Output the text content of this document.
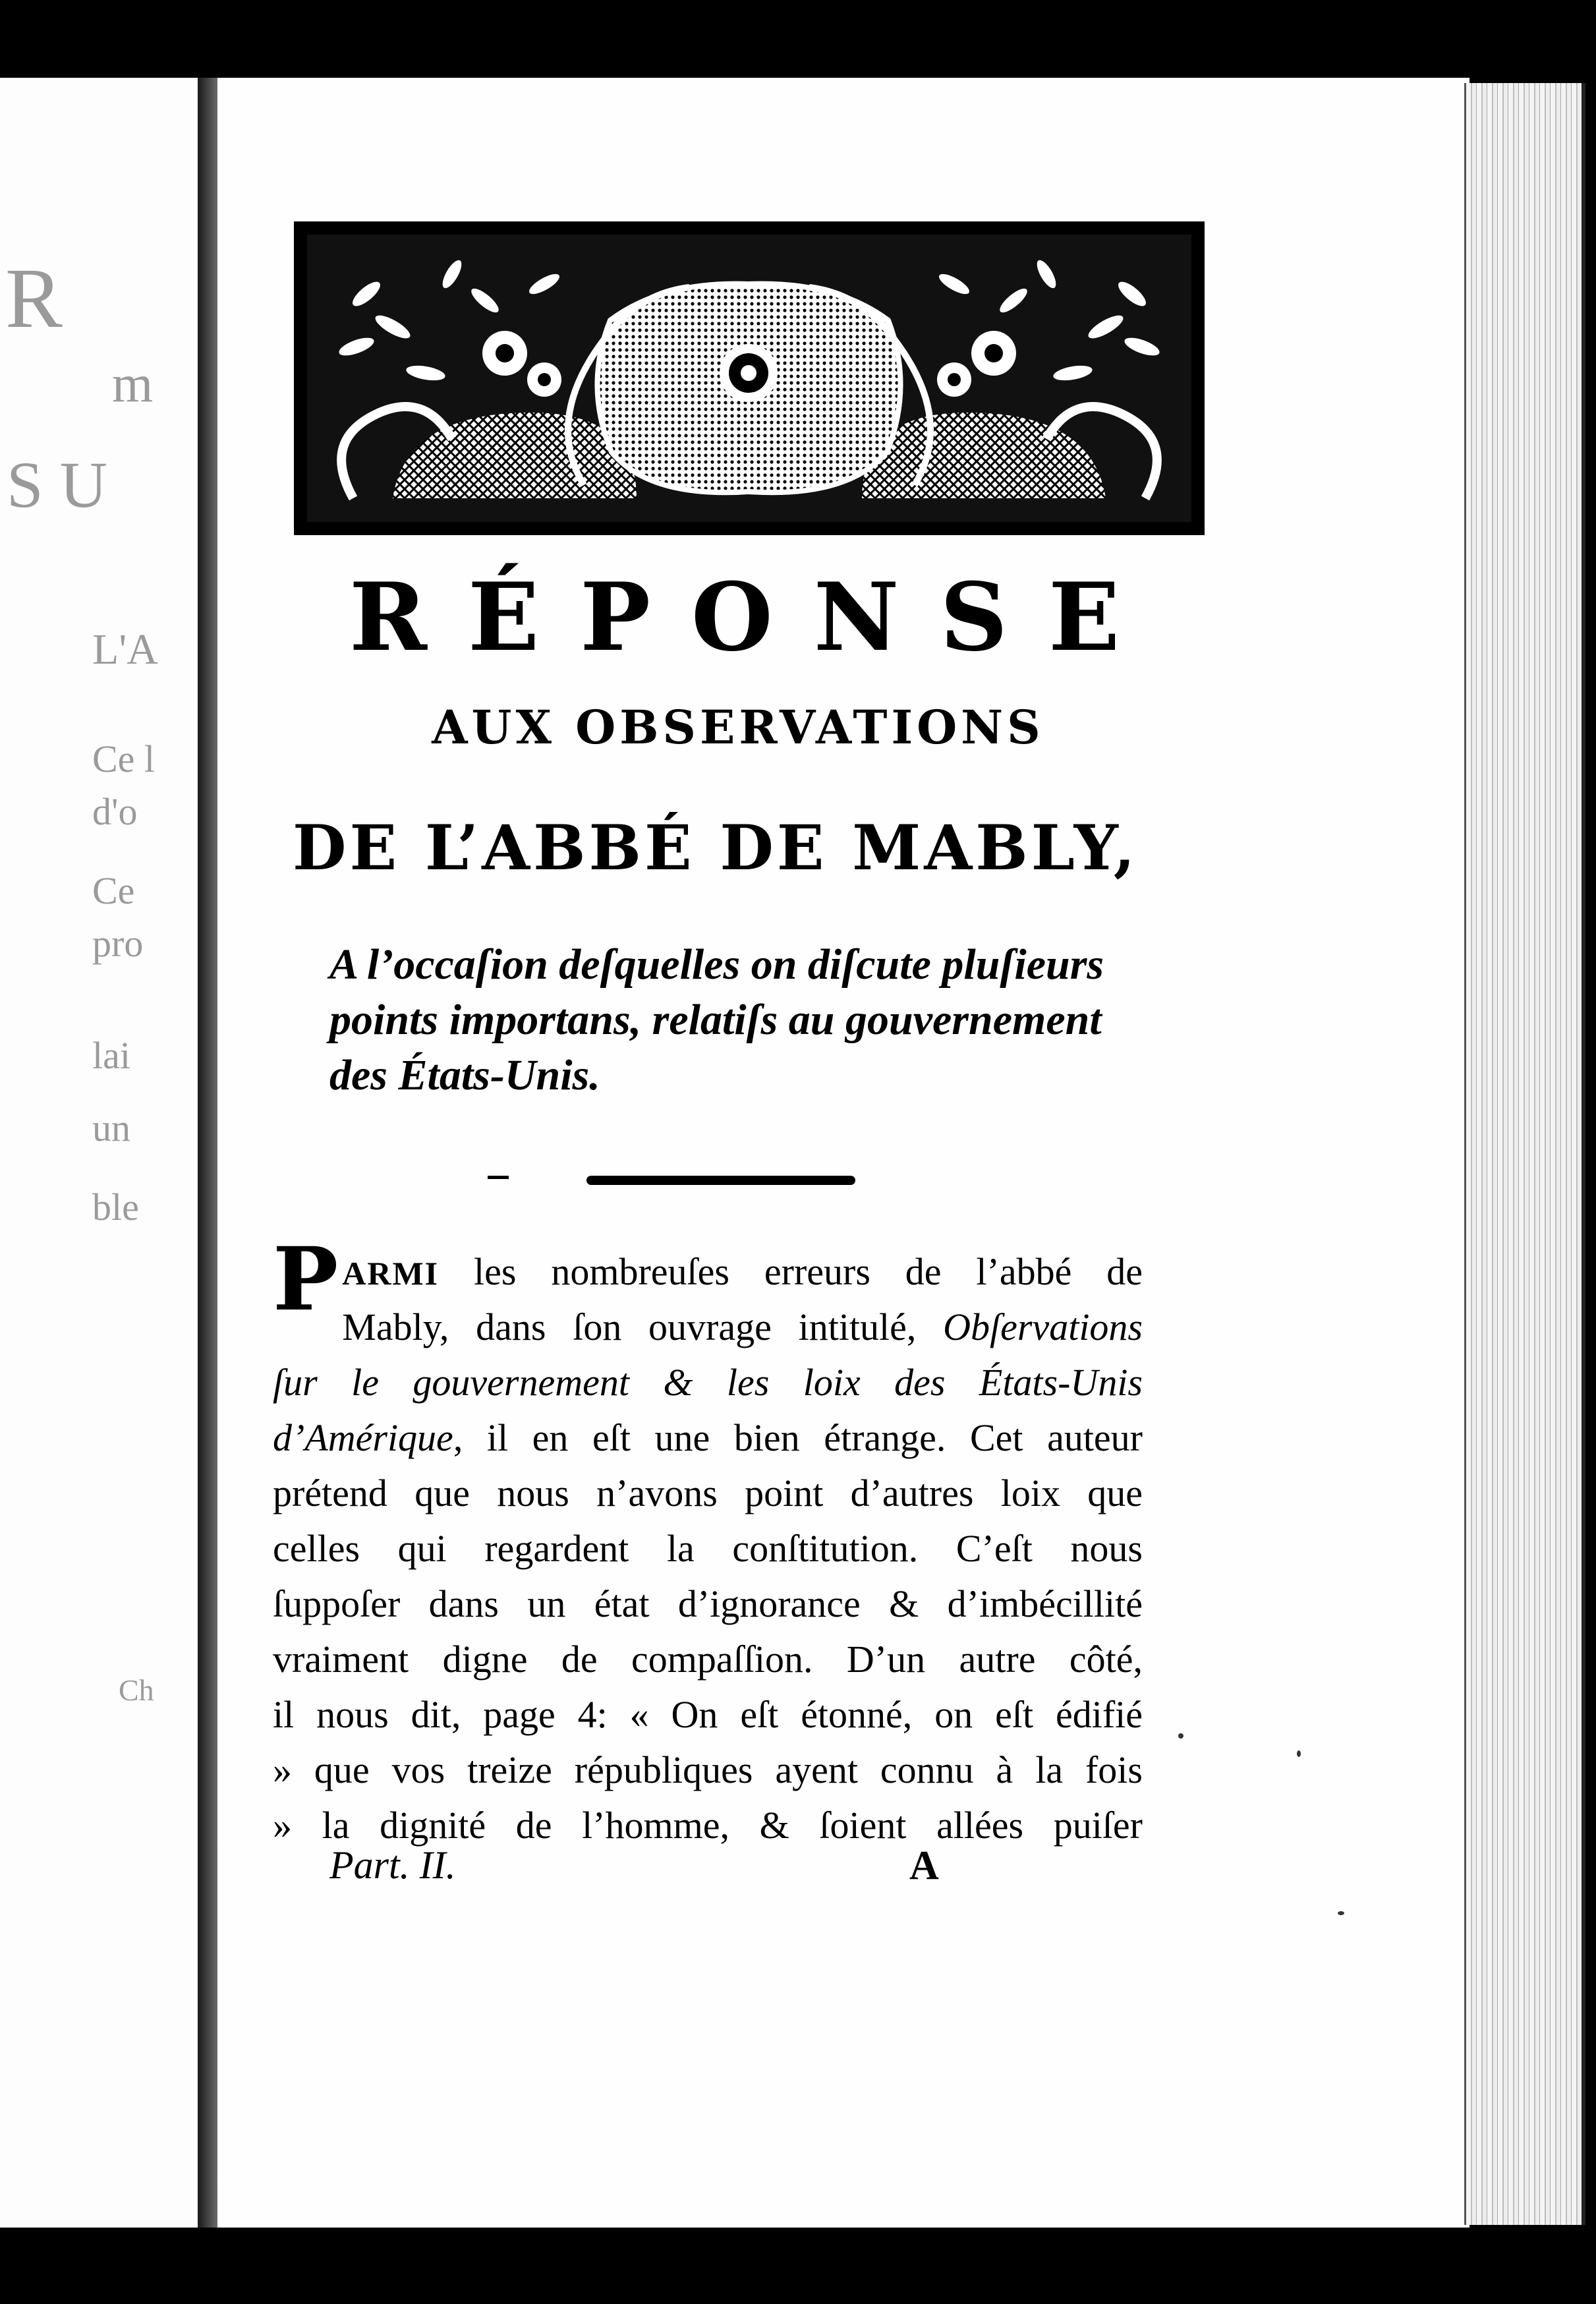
R
m
S U
L'A
Ce l
d'o
Ce
pro
lai
un
ble
Ch
RÉPONSE
AUX OBSERVATIONS
DE L’ABBÉ DE MABLY,
A l’occaſion deſquelles on diſcute pluſieurs
points importans, relatiſs au gouvernement
des États-Unis.
PARMI les nombreuſes erreurs de l’abbé de
Mably, dans ſon ouvrage intitulé, Obſervations
ſur le gouvernement & les loix des États-Unis
d’Amérique, il en eſt une bien étrange. Cet auteur
prétend que nous n’avons point d’autres loix que
celles qui regardent la conſtitution. C’eſt nous
ſuppoſer dans un état d’ignorance & d’imbécillité
vraiment digne de compaſſion. D’un autre côté,
il nous dit, page 4: « On eſt étonné, on eſt édifié
» que vos treize républiques ayent connu à la fois
» la dignité de l’homme, & ſoient allées puiſer
Part. II.	A
